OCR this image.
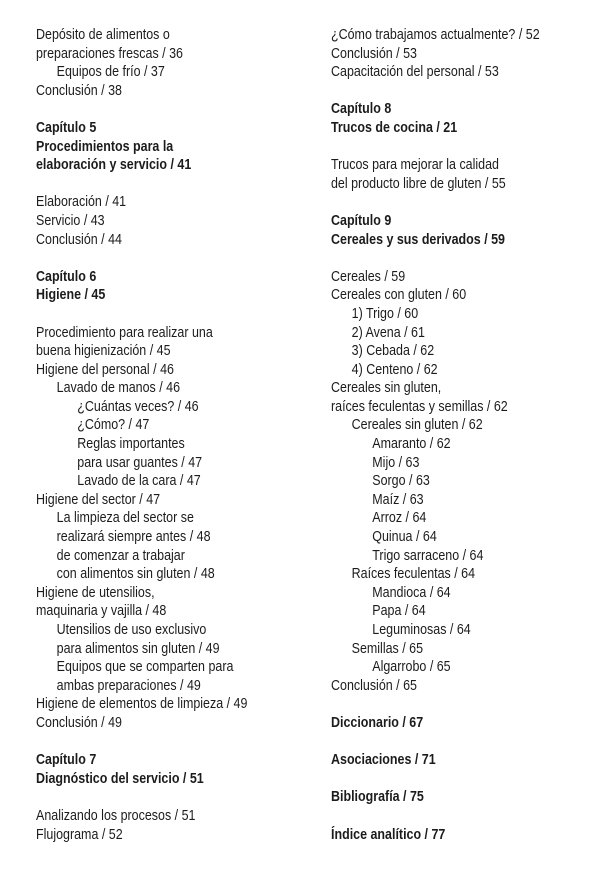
Depósito de alimentos o
preparaciones frescas / 36
Equipos de frío / 37
Conclusión / 38
Capítulo 5
Procedimientos para la
elaboración y servicio / 41
Elaboración / 41
Servicio / 43
Conclusión / 44
Capítulo 6
Higiene / 45
Procedimiento para realizar una
buena higienización / 45
Higiene del personal / 46
Lavado de manos / 46
¿Cuántas veces? / 46
¿Cómo? / 47
Reglas importantes
para usar guantes / 47
Lavado de la cara / 47
Higiene del sector / 47
La limpieza del sector se
realizará siempre antes / 48
de comenzar a trabajar
con alimentos sin gluten / 48
Higiene de utensilios,
maquinaria y vajilla / 48
Utensilios de uso exclusivo
para alimentos sin gluten / 49
Equipos que se comparten para
ambas preparaciones / 49
Higiene de elementos de limpieza / 49
Conclusión / 49
Capítulo 7
Diagnóstico del servicio / 51
Analizando los procesos / 51
Flujograma / 52
¿Cómo trabajamos actualmente? / 52
Conclusión / 53
Capacitación del personal / 53
Capítulo 8
Trucos de cocina / 21
Trucos para mejorar la calidad
del producto libre de gluten / 55
Capítulo 9
Cereales y sus derivados / 59
Cereales / 59
Cereales con gluten / 60
1) Trigo / 60
2) Avena / 61
3) Cebada / 62
4) Centeno / 62
Cereales sin gluten,
raíces feculentas y semillas / 62
Cereales sin gluten / 62
Amaranto / 62
Mijo / 63
Sorgo / 63
Maíz / 63
Arroz / 64
Quinua / 64
Trigo sarraceno / 64
Raíces feculentas / 64
Mandioca / 64
Papa / 64
Leguminosas / 64
Semillas / 65
Algarrobo / 65
Conclusión / 65
Diccionario / 67
Asociaciones / 71
Bibliografía / 75
Índice analítico / 77
